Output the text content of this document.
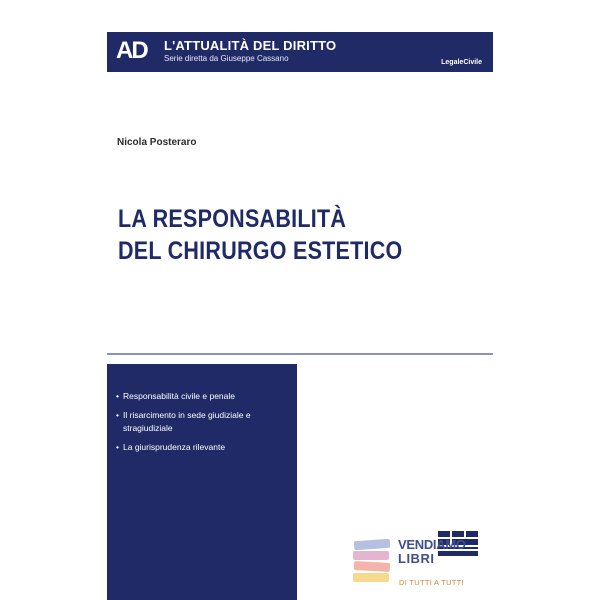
AD L'ATTUALITÀ DEL DIRITTO
Serie diretta da Giuseppe Cassano	LegaleCivile
Nicola Posteraro
LA RESPONSABILITÀ
DEL CHIRURGO ESTETICO
• Responsabilità civile e penale
• Il risarcimento in sede giudiziale e stragiudiziale
• La giurisprudenza rilevante
VENDIAMO
LIBRI
DI TUTTI A TUTTI
